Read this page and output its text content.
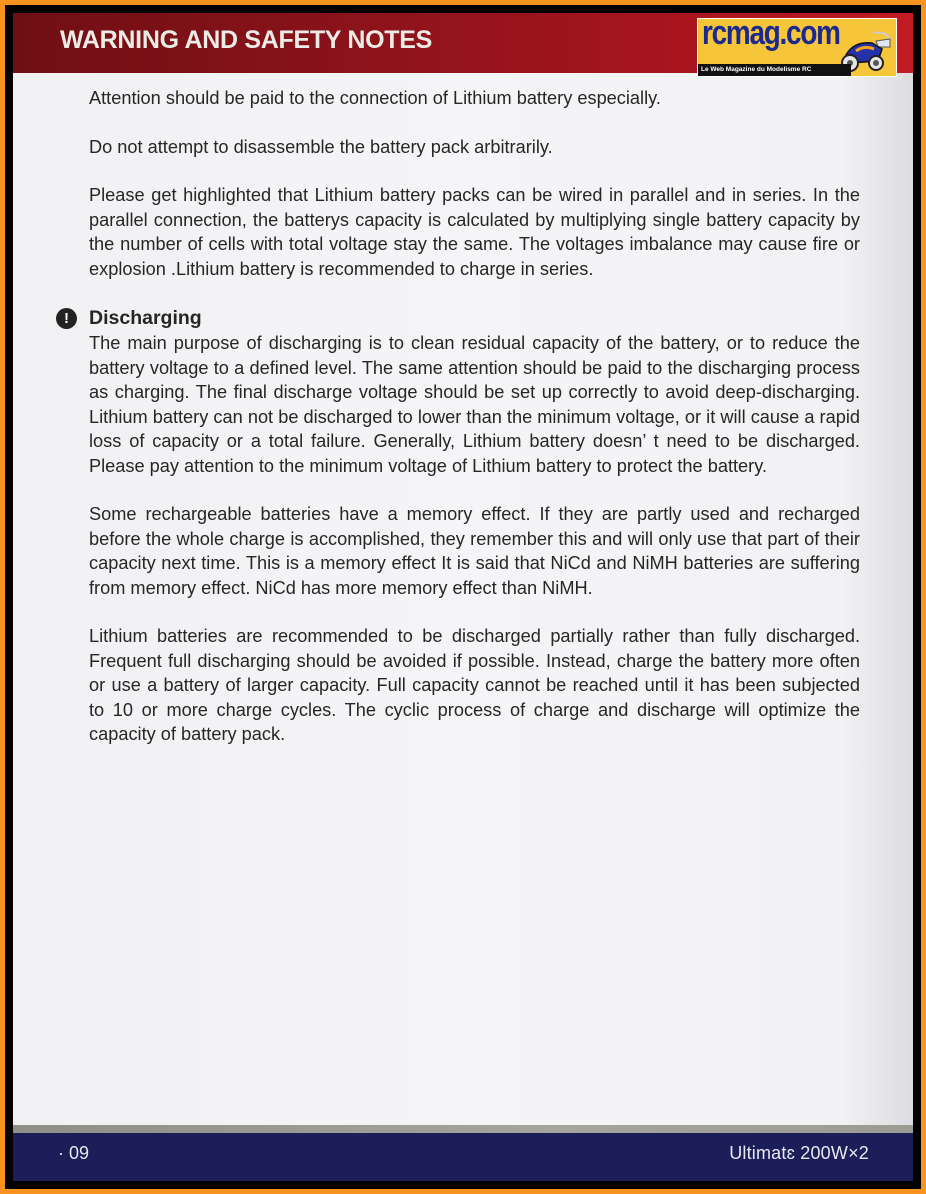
WARNING AND SAFETY NOTES	rcmag.com
Le Web Magazine du Modelisme RC

Attention should be paid to the connection of Lithium battery especially.

Do not attempt to disassemble the battery pack arbitrarily.

Please get highlighted that Lithium battery packs can be wired in parallel and in series. In the parallel connection, the batterys capacity is calculated by multiplying single battery capacity by the number of cells with total voltage stay the same. The voltages imbalance may cause fire or explosion .Lithium battery is recommended to charge in series.

!	Discharging

The main purpose of discharging is to clean residual capacity of the battery, or to reduce the battery voltage to a defined level. The same attention should be paid to the discharging process as charging. The final discharge voltage should be set up correctly to avoid deep-discharging. Lithium battery can not be discharged to lower than the minimum voltage, or it will cause a rapid loss of capacity or a total failure. Generally, Lithium battery doesn’ t need to be discharged. Please pay attention to the minimum voltage of Lithium battery to protect the battery.

Some rechargeable batteries have a memory effect. If they are partly used and recharged before the whole charge is accomplished, they remember this and will only use that part of their capacity next time. This is a memory effect It is said that NiCd and NiMH batteries are suffering from memory effect. NiCd has more memory effect than NiMH.

Lithium batteries are recommended to be discharged partially rather than fully discharged. Frequent full discharging should be avoided if possible. Instead, charge the battery more often or use a battery of larger capacity. Full capacity cannot be reached until it has been subjected to 10 or more charge cycles. The cyclic process of charge and discharge will optimize the capacity of battery pack.

· 09	Ultimatɛ 200W×2
